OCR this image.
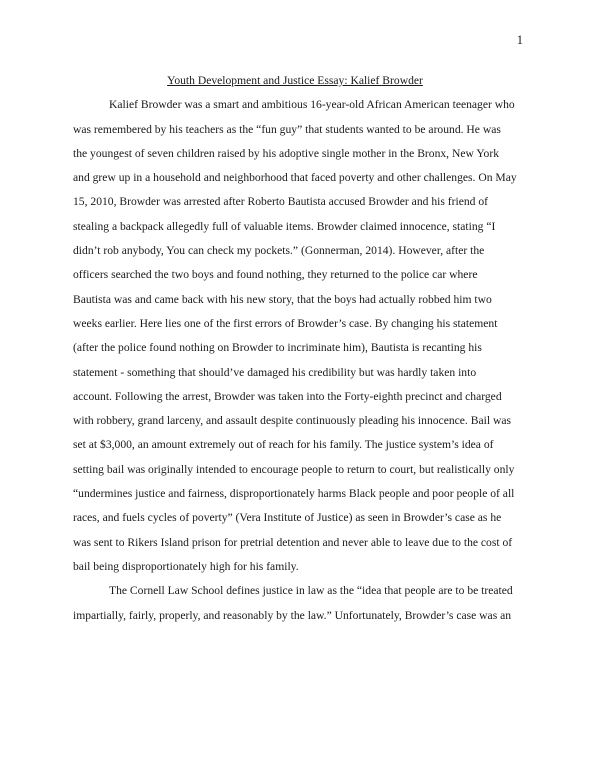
1

Youth Development and Justice Essay: Kalief Browder

Kalief Browder was a smart and ambitious 16-year-old African American teenager who was remembered by his teachers as the “fun guy” that students wanted to be around. He was the youngest of seven children raised by his adoptive single mother in the Bronx, New York and grew up in a household and neighborhood that faced poverty and other challenges. On May 15, 2010, Browder was arrested after Roberto Bautista accused Browder and his friend of stealing a backpack allegedly full of valuable items. Browder claimed innocence, stating “I didn’t rob anybody, You can check my pockets.” (Gonnerman, 2014). However, after the officers searched the two boys and found nothing, they returned to the police car where Bautista was and came back with his new story, that the boys had actually robbed him two weeks earlier. Here lies one of the first errors of Browder’s case. By changing his statement (after the police found nothing on Browder to incriminate him), Bautista is recanting his statement - something that should’ve damaged his credibility but was hardly taken into account. Following the arrest, Browder was taken into the Forty-eighth precinct and charged with robbery, grand larceny, and assault despite continuously pleading his innocence. Bail was set at $3,000, an amount extremely out of reach for his family. The justice system’s idea of setting bail was originally intended to encourage people to return to court, but realistically only “undermines justice and fairness, disproportionately harms Black people and poor people of all races, and fuels cycles of poverty” (Vera Institute of Justice) as seen in Browder’s case as he was sent to Rikers Island prison for pretrial detention and never able to leave due to the cost of bail being disproportionately high for his family.

The Cornell Law School defines justice in law as the “idea that people are to be treated impartially, fairly, properly, and reasonably by the law.” Unfortunately, Browder’s case was an
